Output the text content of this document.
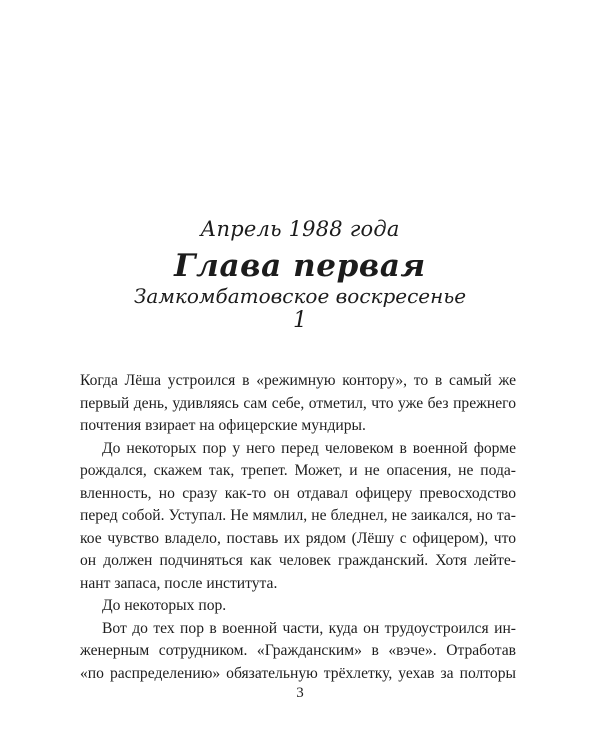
Апрель 1988 года
Глава первая
Замкомбатовское воскресенье
1
Когда Лёша устроился в «режимную контору», то в самый же
первый день, удивляясь сам себе, отметил, что уже без прежнего
почтения взирает на офицерские мундиры.
До некоторых пор у него перед человеком в военной форме
рождался, скажем так, трепет. Может, и не опасения, не пода-
вленность, но сразу как-то он отдавал офицеру превосходство
перед собой. Уступал. Не мямлил, не бледнел, не заикался, но та-
кое чувство владело, поставь их рядом (Лёшу с офицером), что
он должен подчиняться как человек гражданский. Хотя лейте-
нант запаса, после института.
До некоторых пор.
Вот до тех пор в военной части, куда он трудоустроился ин-
женерным сотрудником. «Гражданским» в «вэче». Отработав
«по распределению» обязательную трёхлетку, уехав за полторы
3
